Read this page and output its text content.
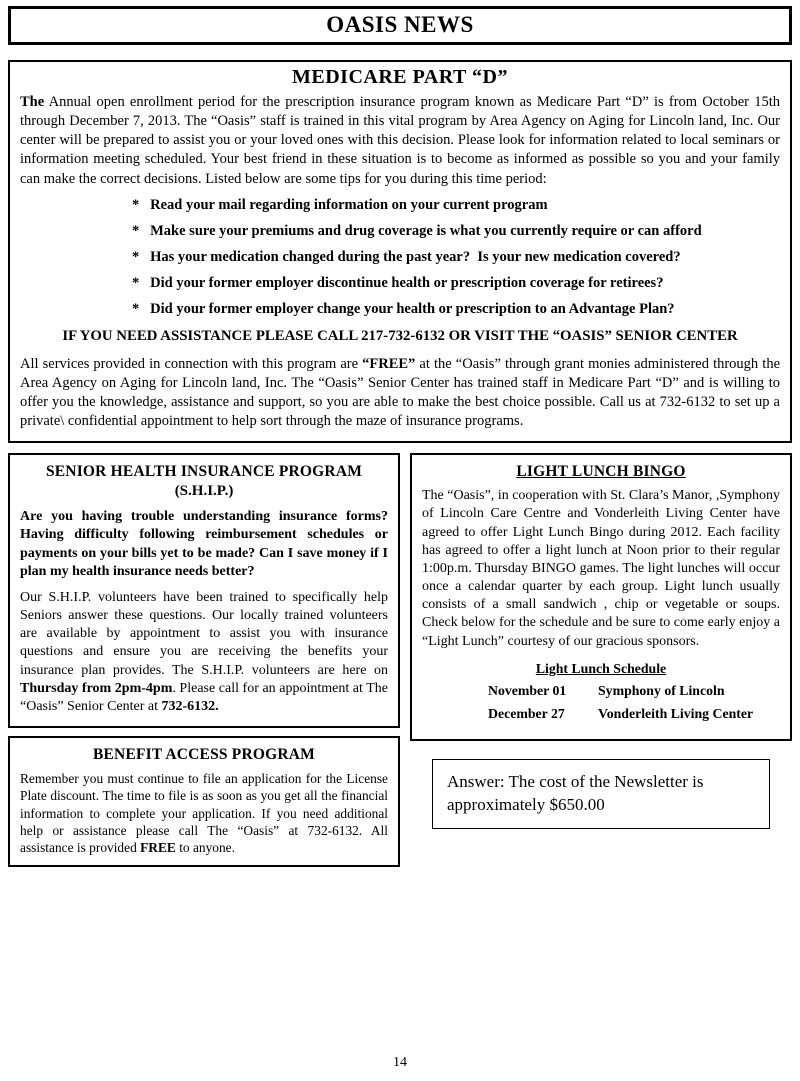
OASIS NEWS
MEDICARE PART “D”

The Annual open enrollment period for the prescription insurance program known as Medicare Part “D” is from October 15th through December 7, 2013. The “Oasis” staff is trained in this vital program by Area Agency on Aging for Lincoln land, Inc. Our center will be prepared to assist you or your loved ones with this decision. Please look for information related to local seminars or information meeting scheduled. Your best friend in these situation is to become as informed as possible so you and your family can make the correct decisions. Listed below are some tips for you during this time period:

*   Read your mail regarding information on your current program
*   Make sure your premiums and drug coverage is what you currently require or can afford
*   Has your medication changed during the past year?  Is your new medication covered?
*   Did your former employer discontinue health or prescription coverage for retirees?
*   Did your former employer change your health or prescription to an Advantage Plan?

IF YOU NEED ASSISTANCE PLEASE CALL 217-732-6132 OR VISIT THE “OASIS” SENIOR CENTER

All services provided in connection with this program are “FREE” at the “Oasis” through grant monies administered through the Area Agency on Aging for Lincoln land, Inc. The “Oasis” Senior Center has trained staff in Medicare Part “D” and is willing to offer you the knowledge, assistance and support, so you are able to make the best choice possible. Call us at 732-6132 to set up a private\ confidential appointment to help sort through the maze of insurance programs.

SENIOR HEALTH INSURANCE PROGRAM
(S.H.I.P.)

Are you having trouble understanding insurance forms? Having difficulty following reimbursement schedules or payments on your bills yet to be made? Can I save money if I plan my health insurance needs better?

Our S.H.I.P. volunteers have been trained to specifically help Seniors answer these questions. Our locally trained volunteers are available by appointment to assist you with insurance questions and ensure you are receiving the benefits your insurance plan provides. The S.H.I.P. volunteers are here on Thursday from 2pm-4pm. Please call for an appointment at The “Oasis” Senior Center at 732-6132.

BENEFIT ACCESS PROGRAM

Remember you must continue to file an application for the License Plate discount. The time to file is as soon as you get all the financial information to complete your application. If you need additional help or assistance please call The “Oasis” at 732-6132. All assistance is provided FREE to anyone.

LIGHT LUNCH BINGO

The “Oasis”, in cooperation with St. Clara’s Manor, ,Symphony of Lincoln Care Centre and Vonderleith Living Center have agreed to offer Light Lunch Bingo during 2012. Each facility has agreed to offer a light lunch at Noon prior to their regular 1:00p.m. Thursday BINGO games. The light lunches will occur once a calendar quarter by each group. Light lunch usually consists of a small sandwich , chip or vegetable or soups. Check below for the schedule and be sure to come early enjoy a “Light Lunch” courtesy of our gracious sponsors.

Light Lunch Schedule
November 01	Symphony of Lincoln
December 27	Vonderleith Living Center
Answer: The cost of the Newsletter is approximately $650.00
14
